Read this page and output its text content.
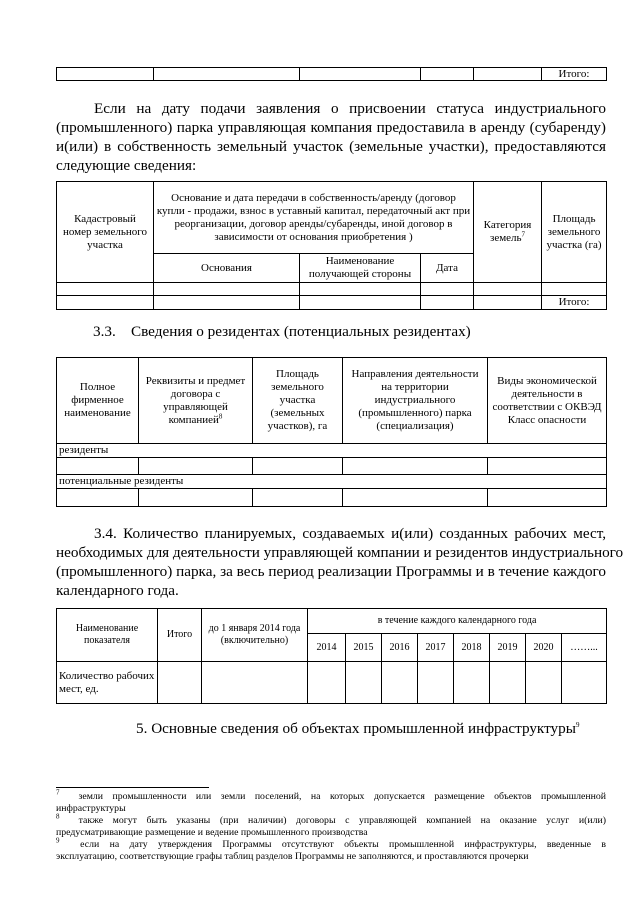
					Итого:
Если на дату подачи заявления о присвоении статуса индустриального
(промышленного) парка управляющая компания предоставила в аренду (субаренду)
и(или) в собственность земельный участок (земельные участки), предоставляются
следующие сведения:
Кадастровый номер земельного участка	Основание и дата передачи в собственность/аренду (договор купли - продажи, взнос в уставный капитал, передаточный акт при реорганизации, договор аренды/субаренды, иной договор в зависимости от основания приобретения )			Категория земель$^7$	Площадь земельного участка (га)
	Основания	Наименование получающей стороны	Дата		

					Итого:
3.3. Сведения о резидентах (потенциальных резидентах)
Полное фирменное наименование	Реквизиты и предмет договора с управляющей компанией$^8$	Площадь земельного участка (земельных участков), га	Направления деятельности на территории индустриального (промышленного) парка (специализация)	Виды экономической деятельности в соответствии с ОКВЭД Класс опасности
резиденты				

потенциальные резиденты				

3.4. Количество планируемых, создаваемых и(или) созданных рабочих мест,
необходимых для деятельности управляющей компании и резидентов индустриального
(промышленного) парка, за весь период реализации Программы и в течение каждого
календарного года.
Наименование показателя	Итого	до 1 января 2014 года (включительно)	в течение каждого календарного года							
			2014	2015	2016	2017	2018	2019	2020	……...
Количество рабочих мест, ед.										
5. Основные сведения об объектах промышленной инфраструктуры$^9$
$^7$ земли промышленности или земли поселений, на которых допускается размещение объектов промышленной
инфраструктуры
$^8$ также могут быть указаны (при наличии) договоры с управляющей компанией на оказание услуг и(или)
предусматривающие размещение и ведение промышленного производства
$^9$ если на дату утверждения Программы отсутствуют объекты промышленной инфраструктуры, введенные в
эксплуатацию, соответствующие графы таблиц разделов Программы не заполняются, и проставляются прочерки
